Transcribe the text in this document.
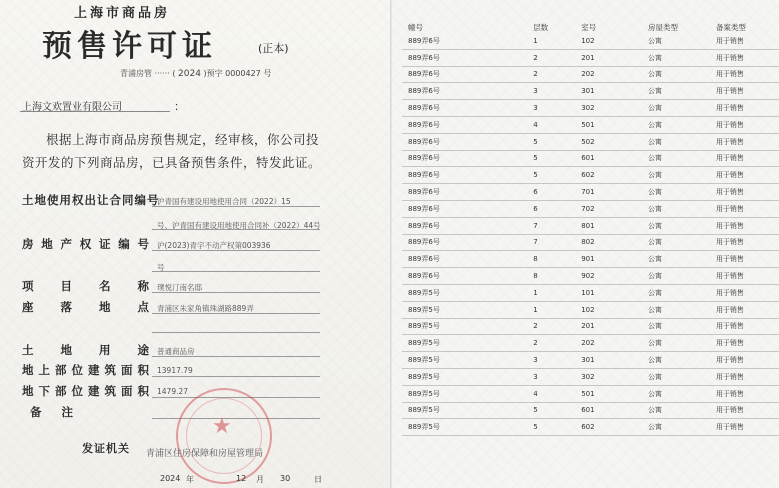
上海市商品房
预售许可证	(正本)
青浦房管 ······ ( 2024 )预字 0000427 号
上海文欢置业有限公司	：
根据上海市商品房预售规定，经审核，你公司投
资开发的下列商品房，已具备预售条件，特发此证。
土 地 使 用 权 出 让 合 同 编 号
沪青国有建设用地使用合同（2022）15
号、沪青国有建设用地使用合同补（2022）44号
房 地 产 权 证 编 号 沪(2023)青字不动产权第003936
号
项 目 名 称 璞悦汀南名邸
座 落 地 点 青浦区朱家角镇珠湖路889弄
土 地 用 途 普通商品房
地 上 部 位 建 筑 面 积 13917.79
地 下 部 位 建 筑 面 积 1479.27
备 注
★
发证机关 青浦区住房保障和房屋管理局
2024 年	12 月 30	日
幢号	层数	室号	房屋类型	备案类型
889弄6号	1	102	公寓	用于销售
889弄6号	2	201	公寓	用于销售
889弄6号	2	202	公寓	用于销售
889弄6号	3	301	公寓	用于销售
889弄6号	3	302	公寓	用于销售
889弄6号	4	501	公寓	用于销售
889弄6号	5	502	公寓	用于销售
889弄6号	5	601	公寓	用于销售
889弄6号	5	602	公寓	用于销售
889弄6号	6	701	公寓	用于销售
889弄6号	6	702	公寓	用于销售
889弄6号	7	801	公寓	用于销售
889弄6号	7	802	公寓	用于销售
889弄6号	8	901	公寓	用于销售
889弄6号	8	902	公寓	用于销售
889弄5号	1	101	公寓	用于销售
889弄5号	1	102	公寓	用于销售
889弄5号	2	201	公寓	用于销售
889弄5号	2	202	公寓	用于销售
889弄5号	3	301	公寓	用于销售
889弄5号	3	302	公寓	用于销售
889弄5号	4	501	公寓	用于销售
889弄5号	5	601	公寓	用于销售
889弄5号	5	602	公寓	用于销售
